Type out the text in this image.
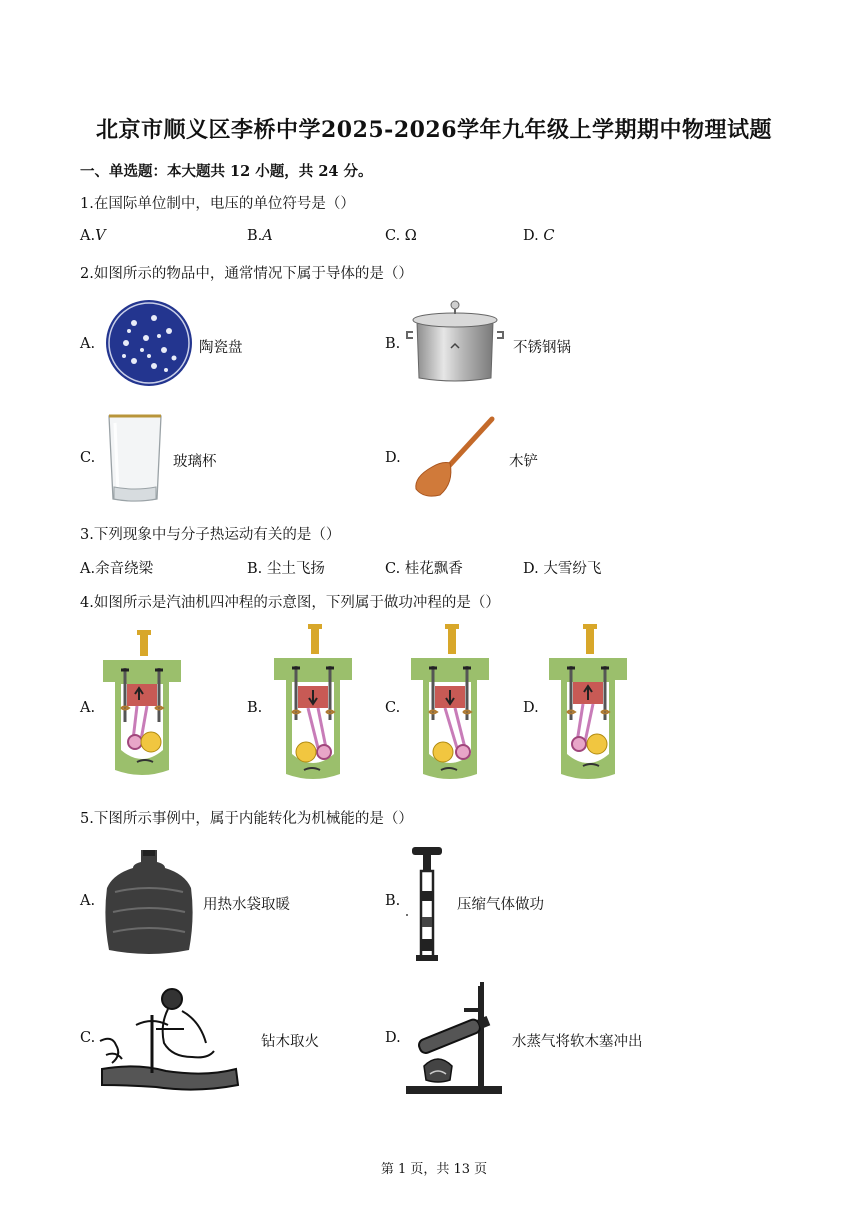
北京市顺义区李桥中学2025-2026学年九年级上学期期中物理试题
一、单选题：本大题共 12 小题，共 24 分。
1.在国际单位制中，电压的单位符号是（）
A.V	B.A	C. Ω	D. C
2.如图所示的物品中，通常情况下属于导体的是（）
A.	陶瓷盘	B.	不锈钢锅
C.	玻璃杯	D.	木铲
3.下列现象中与分子热运动有关的是（）
A.余音绕梁	B. 尘土飞扬	C. 桂花飘香	D. 大雪纷飞
4.如图所示是汽油机四冲程的示意图，下列属于做功冲程的是（）
A.	B.	C.	D.
5.下图所示事例中，属于内能转化为机械能的是（）
A.	用热水袋取暖	B.	压缩气体做功
C.	钻木取火	D.	水蒸气将软木塞冲出
第 1 页，共 13 页
